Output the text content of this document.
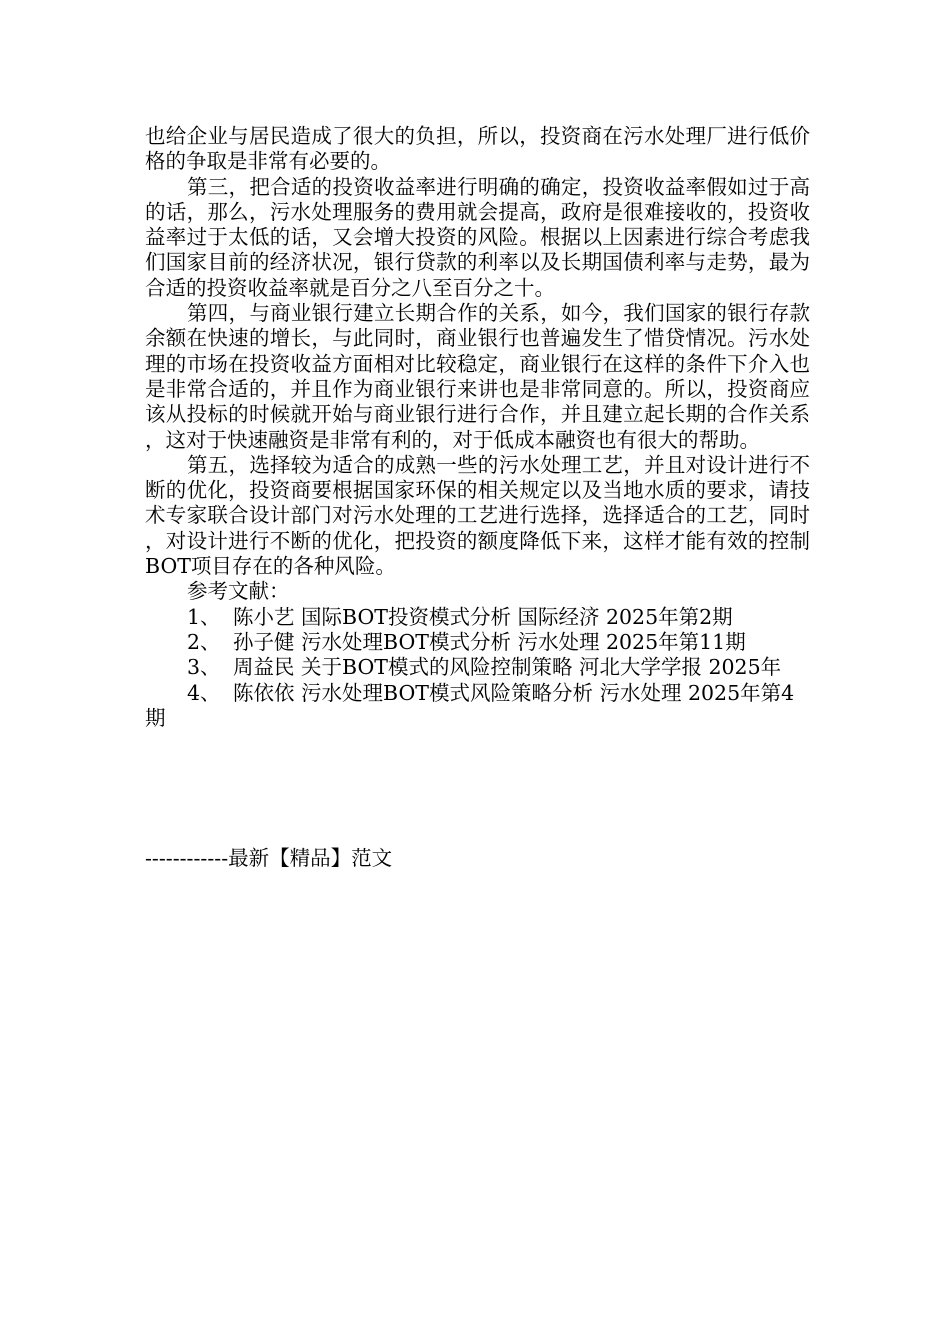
也给企业与居民造成了很大的负担，所以，投资商在污水处理厂进行低价格的争取是非常有必要的。

第三，把合适的投资收益率进行明确的确定，投资收益率假如过于高的话，那么，污水处理服务的费用就会提高，政府是很难接收的，投资收益率过于太低的话，又会增大投资的风险。根据以上因素进行综合考虑我们国家目前的经济状况，银行贷款的利率以及长期国债利率与走势，最为合适的投资收益率就是百分之八至百分之十。

第四，与商业银行建立长期合作的关系，如今，我们国家的银行存款余额在快速的增长，与此同时，商业银行也普遍发生了惜贷情况。污水处理的市场在投资收益方面相对比较稳定，商业银行在这样的条件下介入也是非常合适的，并且作为商业银行来讲也是非常同意的。所以，投资商应该从投标的时候就开始与商业银行进行合作，并且建立起长期的合作关系，这对于快速融资是非常有利的，对于低成本融资也有很大的帮助。

第五，选择较为适合的成熟一些的污水处理工艺，并且对设计进行不断的优化，投资商要根据国家环保的相关规定以及当地水质的要求，请技术专家联合设计部门对污水处理的工艺进行选择，选择适合的工艺，同时，对设计进行不断的优化，把投资的额度降低下来，这样才能有效的控制BOT项目存在的各种风险。

参考文献：

1、 陈小艺 国际BOT投资模式分析 国际经济 2025年第2期

2、 孙子健 污水处理BOT模式分析 污水处理 2025年第11期

3、 周益民 关于BOT模式的风险控制策略 河北大学学报 2025年

4、 陈依依 污水处理BOT模式风险策略分析 污水处理 2025年第4期

------------最新【精品】范文
